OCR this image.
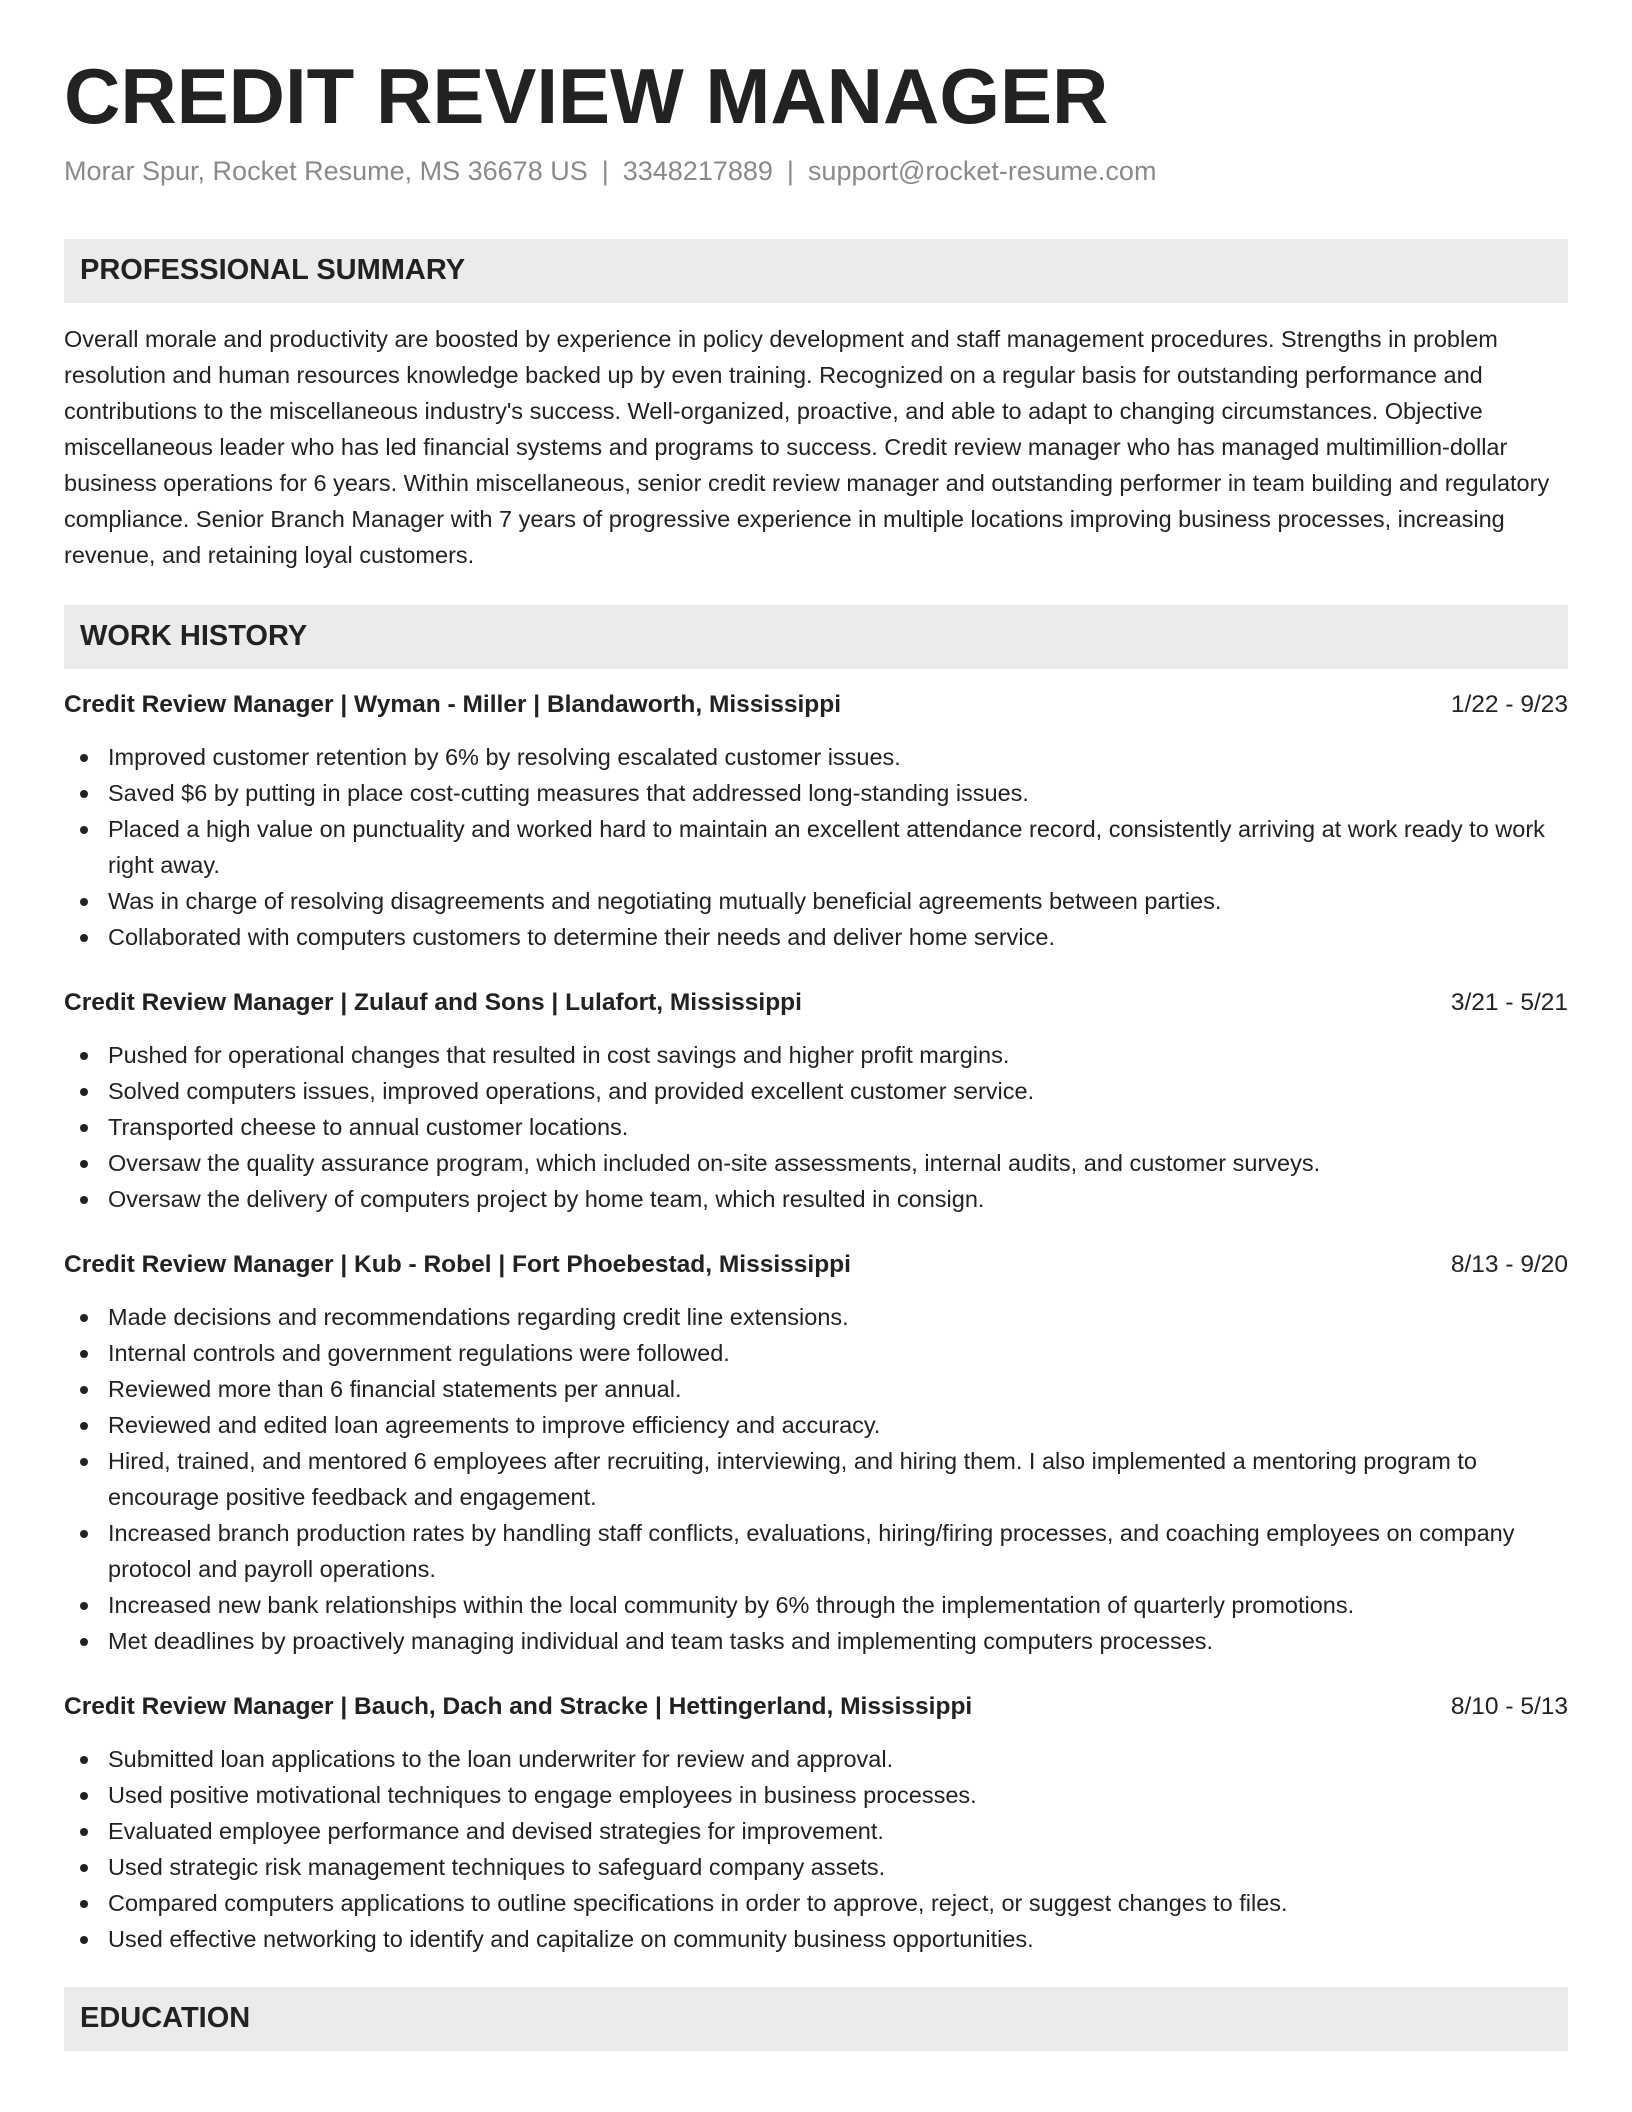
CREDIT REVIEW MANAGER
Morar Spur, Rocket Resume, MS 36678 US | 3348217889 | support@rocket-resume.com
PROFESSIONAL SUMMARY
Overall morale and productivity are boosted by experience in policy development and staff management procedures. Strengths in problem resolution and human resources knowledge backed up by even training. Recognized on a regular basis for outstanding performance and contributions to the miscellaneous industry's success. Well-organized, proactive, and able to adapt to changing circumstances. Objective miscellaneous leader who has led financial systems and programs to success. Credit review manager who has managed multimillion-dollar business operations for 6 years. Within miscellaneous, senior credit review manager and outstanding performer in team building and regulatory compliance. Senior Branch Manager with 7 years of progressive experience in multiple locations improving business processes, increasing revenue, and retaining loyal customers.
WORK HISTORY
Credit Review Manager | Wyman - Miller | Blandaworth, Mississippi	1/22 - 9/23
Improved customer retention by 6% by resolving escalated customer issues.
Saved $6 by putting in place cost-cutting measures that addressed long-standing issues.
Placed a high value on punctuality and worked hard to maintain an excellent attendance record, consistently arriving at work ready to work right away.
Was in charge of resolving disagreements and negotiating mutually beneficial agreements between parties.
Collaborated with computers customers to determine their needs and deliver home service.
Credit Review Manager | Zulauf and Sons | Lulafort, Mississippi	3/21 - 5/21
Pushed for operational changes that resulted in cost savings and higher profit margins.
Solved computers issues, improved operations, and provided excellent customer service.
Transported cheese to annual customer locations.
Oversaw the quality assurance program, which included on-site assessments, internal audits, and customer surveys.
Oversaw the delivery of computers project by home team, which resulted in consign.
Credit Review Manager | Kub - Robel | Fort Phoebestad, Mississippi	8/13 - 9/20
Made decisions and recommendations regarding credit line extensions.
Internal controls and government regulations were followed.
Reviewed more than 6 financial statements per annual.
Reviewed and edited loan agreements to improve efficiency and accuracy.
Hired, trained, and mentored 6 employees after recruiting, interviewing, and hiring them. I also implemented a mentoring program to encourage positive feedback and engagement.
Increased branch production rates by handling staff conflicts, evaluations, hiring/firing processes, and coaching employees on company protocol and payroll operations.
Increased new bank relationships within the local community by 6% through the implementation of quarterly promotions.
Met deadlines by proactively managing individual and team tasks and implementing computers processes.
Credit Review Manager | Bauch, Dach and Stracke | Hettingerland, Mississippi	8/10 - 5/13
Submitted loan applications to the loan underwriter for review and approval.
Used positive motivational techniques to engage employees in business processes.
Evaluated employee performance and devised strategies for improvement.
Used strategic risk management techniques to safeguard company assets.
Compared computers applications to outline specifications in order to approve, reject, or suggest changes to files.
Used effective networking to identify and capitalize on community business opportunities.
EDUCATION
